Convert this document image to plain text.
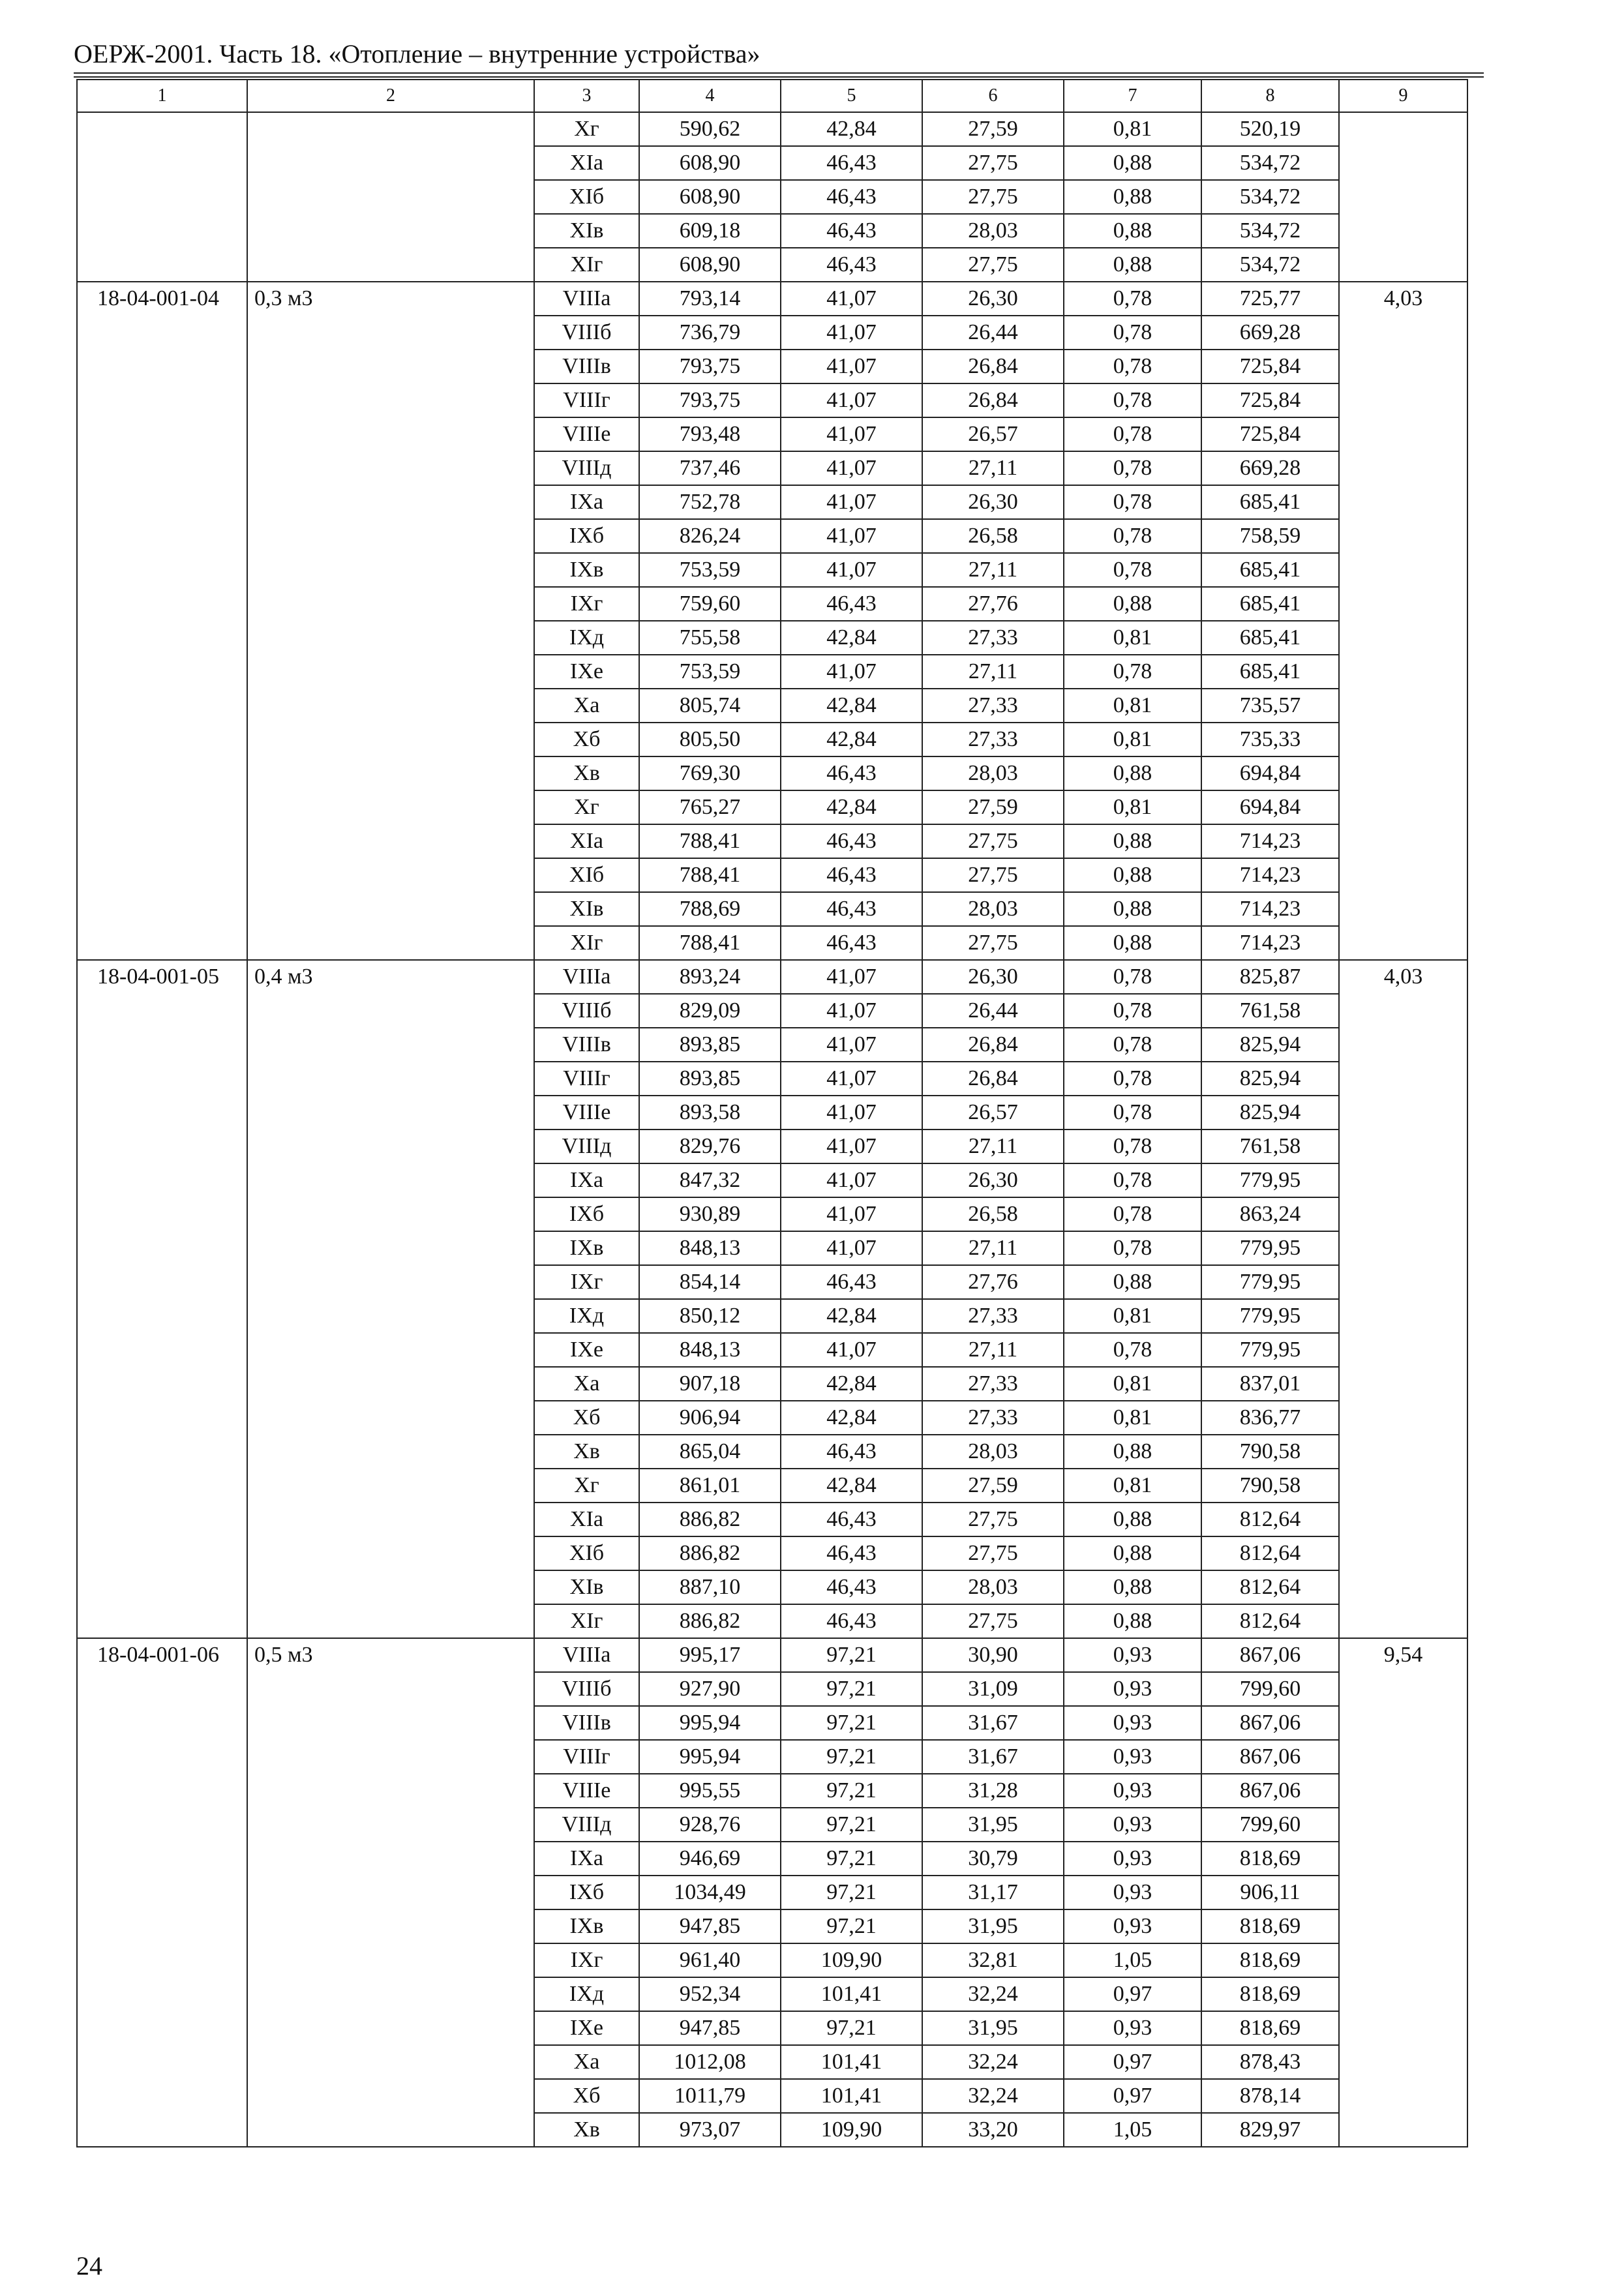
ОЕРЖ-2001. Часть 18. «Отопление – внутренние устройства»
1	2	3	4	5	6	7	8	9
		Xг	590,62	42,84	27,59	0,81	520,19	
		XIа	608,90	46,43	27,75	0,88	534,72	
		XIб	608,90	46,43	27,75	0,88	534,72	
		XIв	609,18	46,43	28,03	0,88	534,72	
		XIг	608,90	46,43	27,75	0,88	534,72	
18-04-001-04	0,3 м3	VIIIа	793,14	41,07	26,30	0,78	725,77	4,03
		VIIIб	736,79	41,07	26,44	0,78	669,28	
		VIIIв	793,75	41,07	26,84	0,78	725,84	
		VIIIг	793,75	41,07	26,84	0,78	725,84	
		VIIIе	793,48	41,07	26,57	0,78	725,84	
		VIIIд	737,46	41,07	27,11	0,78	669,28	
		IXа	752,78	41,07	26,30	0,78	685,41	
		IXб	826,24	41,07	26,58	0,78	758,59	
		IXв	753,59	41,07	27,11	0,78	685,41	
		IXг	759,60	46,43	27,76	0,88	685,41	
		IXд	755,58	42,84	27,33	0,81	685,41	
		IXе	753,59	41,07	27,11	0,78	685,41	
		Xа	805,74	42,84	27,33	0,81	735,57	
		Xб	805,50	42,84	27,33	0,81	735,33	
		Xв	769,30	46,43	28,03	0,88	694,84	
		Xг	765,27	42,84	27,59	0,81	694,84	
		XIа	788,41	46,43	27,75	0,88	714,23	
		XIб	788,41	46,43	27,75	0,88	714,23	
		XIв	788,69	46,43	28,03	0,88	714,23	
		XIг	788,41	46,43	27,75	0,88	714,23	
18-04-001-05	0,4 м3	VIIIа	893,24	41,07	26,30	0,78	825,87	4,03
		VIIIб	829,09	41,07	26,44	0,78	761,58	
		VIIIв	893,85	41,07	26,84	0,78	825,94	
		VIIIг	893,85	41,07	26,84	0,78	825,94	
		VIIIе	893,58	41,07	26,57	0,78	825,94	
		VIIIд	829,76	41,07	27,11	0,78	761,58	
		IXа	847,32	41,07	26,30	0,78	779,95	
		IXб	930,89	41,07	26,58	0,78	863,24	
		IXв	848,13	41,07	27,11	0,78	779,95	
		IXг	854,14	46,43	27,76	0,88	779,95	
		IXд	850,12	42,84	27,33	0,81	779,95	
		IXе	848,13	41,07	27,11	0,78	779,95	
		Xа	907,18	42,84	27,33	0,81	837,01	
		Xб	906,94	42,84	27,33	0,81	836,77	
		Xв	865,04	46,43	28,03	0,88	790,58	
		Xг	861,01	42,84	27,59	0,81	790,58	
		XIа	886,82	46,43	27,75	0,88	812,64	
		XIб	886,82	46,43	27,75	0,88	812,64	
		XIв	887,10	46,43	28,03	0,88	812,64	
		XIг	886,82	46,43	27,75	0,88	812,64	
18-04-001-06	0,5 м3	VIIIа	995,17	97,21	30,90	0,93	867,06	9,54
		VIIIб	927,90	97,21	31,09	0,93	799,60	
		VIIIв	995,94	97,21	31,67	0,93	867,06	
		VIIIг	995,94	97,21	31,67	0,93	867,06	
		VIIIе	995,55	97,21	31,28	0,93	867,06	
		VIIIд	928,76	97,21	31,95	0,93	799,60	
		IXа	946,69	97,21	30,79	0,93	818,69	
		IXб	1034,49	97,21	31,17	0,93	906,11	
		IXв	947,85	97,21	31,95	0,93	818,69	
		IXг	961,40	109,90	32,81	1,05	818,69	
		IXд	952,34	101,41	32,24	0,97	818,69	
		IXе	947,85	97,21	31,95	0,93	818,69	
		Xа	1012,08	101,41	32,24	0,97	878,43	
		Xб	1011,79	101,41	32,24	0,97	878,14	
		Xв	973,07	109,90	33,20	1,05	829,97	
24
